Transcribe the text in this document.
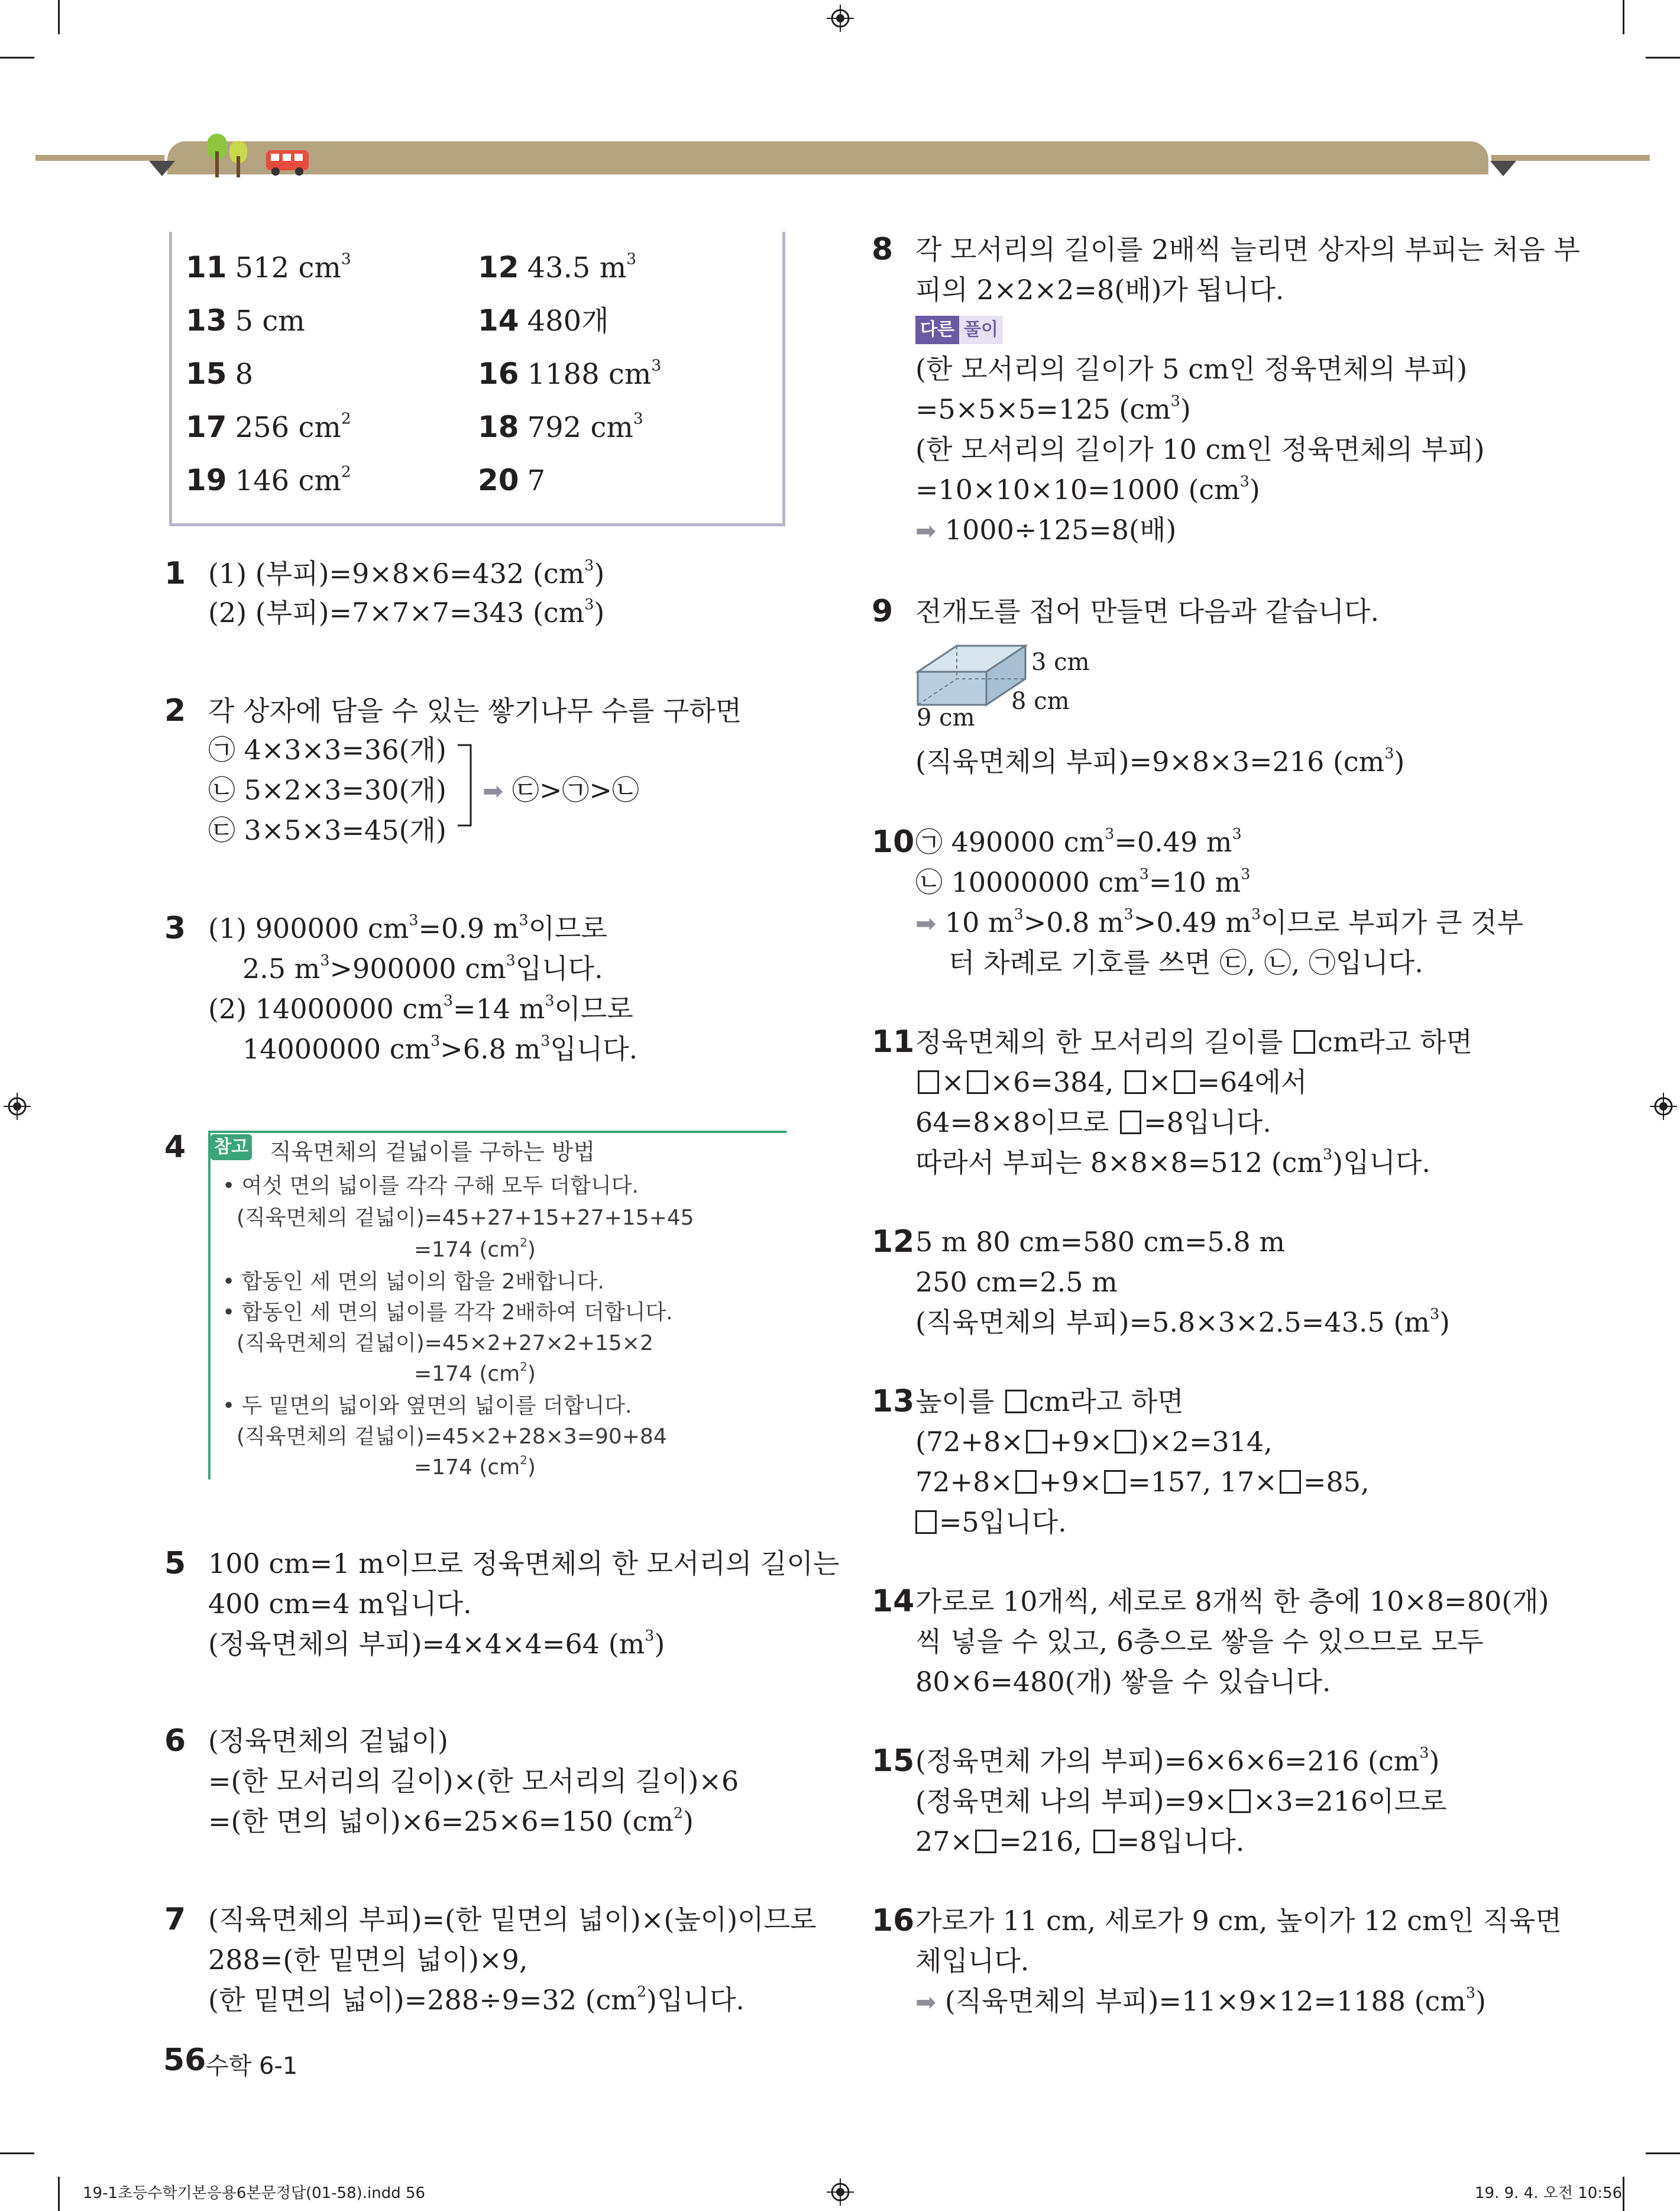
11 512 $cm^3$	12 43.5 $m^3$
13 5 cm	14 480개
15 8	16 1188 $cm^3$
17 256 $cm^2$	18 792 $cm^3$
19 146 $cm^2$	20 7
1 (1) (부피)=9×8×6=432 $(cm^3)$
(2) (부피)=7×7×7=343 $(cm^3)$
2 각 상자에 담을 수 있는 쌓기나무 수를 구하면
㉠ 4×3×3=36(개)
㉡ 5×2×3=30(개)
㉢ 3×5×3=45(개)
➡ ㉢>㉠>㉡
3 (1) 900000 $cm^3=0.9$ $m^3$이므로
2.5 $m^3>900000$ $cm^3$입니다.
(2) 14000000 $cm^3=14$ $m^3$이므로
14000000 $cm^3>6.8$ $m^3$입니다.
4 참고 직육면체의 겉넓이를 구하는 방법
• 여섯 면의 넓이를 각각 구해 모두 더합니다.
(직육면체의 겉넓이)=45+27+15+27+15+45
=174 $(cm^2)$
• 합동인 세 면의 넓이의 합을 2배합니다.
• 합동인 세 면의 넓이를 각각 2배하여 더합니다.
(직육면체의 겉넓이)=45×2+27×2+15×2
=174 $(cm^2)$
• 두 밑면의 넓이와 옆면의 넓이를 더합니다.
(직육면체의 겉넓이)=45×2+28×3=90+84
=174 $(cm^2)$
5 100 cm=1 m이므로 정육면체의 한 모서리의 길이는
400 cm=4 m입니다.
(정육면체의 부피)=4×4×4=64 $(m^3)$
6 (정육면체의 겉넓이)
=(한 모서리의 길이)×(한 모서리의 길이)×6
=(한 면의 넓이)×6=25×6=150 $(cm^2)$
7 (직육면체의 부피)=(한 밑면의 넓이)×(높이)이므로
288=(한 밑면의 넓이)×9,
(한 밑면의 넓이)=288÷9=32 $(cm^2)$입니다.
8 각 모서리의 길이를 2배씩 늘리면 상자의 부피는 처음 부
피의 2×2×2=8(배)가 됩니다.
다른 풀이
(한 모서리의 길이가 5 cm인 정육면체의 부피)
=5×5×5=125 $(cm^3)$
(한 모서리의 길이가 10 cm인 정육면체의 부피)
=10×10×10=1000 $(cm^3)$
➡ 1000÷125=8(배)
9 전개도를 접어 만들면 다음과 같습니다.
3 cm
8 cm
9 cm
(직육면체의 부피)=9×8×3=216 $(cm^3)$
10 ㉠ 490000 $cm^3=0.49$ $m^3$
㉡ 10000000 $cm^3=10$ $m^3$
➡ 10 $m^3>0.8$ $m^3>0.49$ $m^3$이므로 부피가 큰 것부
터 차례로 기호를 쓰면 ㉢, ㉡, ㉠입니다.
11 정육면체의 한 모서리의 길이를 cm라고 하면
× ×6=384, × =64에서
64=8×8이므로 =8입니다.
따라서 부피는 8×8×8=512 $(cm^3)$입니다.
12 5 m 80 cm=580 cm=5.8 m
250 cm=2.5 m
(직육면체의 부피)=5.8×3×2.5=43.5 $(m^3)$
13 높이를 cm라고 하면
(72+8× +9× )×2=314,
72+8× +9× =157, 17× =85,
=5입니다.
14 가로로 10개씩, 세로로 8개씩 한 층에 10×8=80(개)
씩 넣을 수 있고, 6층으로 쌓을 수 있으므로 모두
80×6=480(개) 쌓을 수 있습니다.
15 (정육면체 가의 부피)=6×6×6=216 $(cm^3)$
(정육면체 나의 부피)=9× ×3=216이므로
27× =216, =8입니다.
16 가로가 11 cm, 세로가 9 cm, 높이가 12 cm인 직육면
체입니다.
➡ (직육면체의 부피)=11×9×12=1188 $(cm^3)$
56 수학 6-1
19-1초등수학기본응용6본문정답(01-58).indd 56	19. 9. 4. 오전 10:56
